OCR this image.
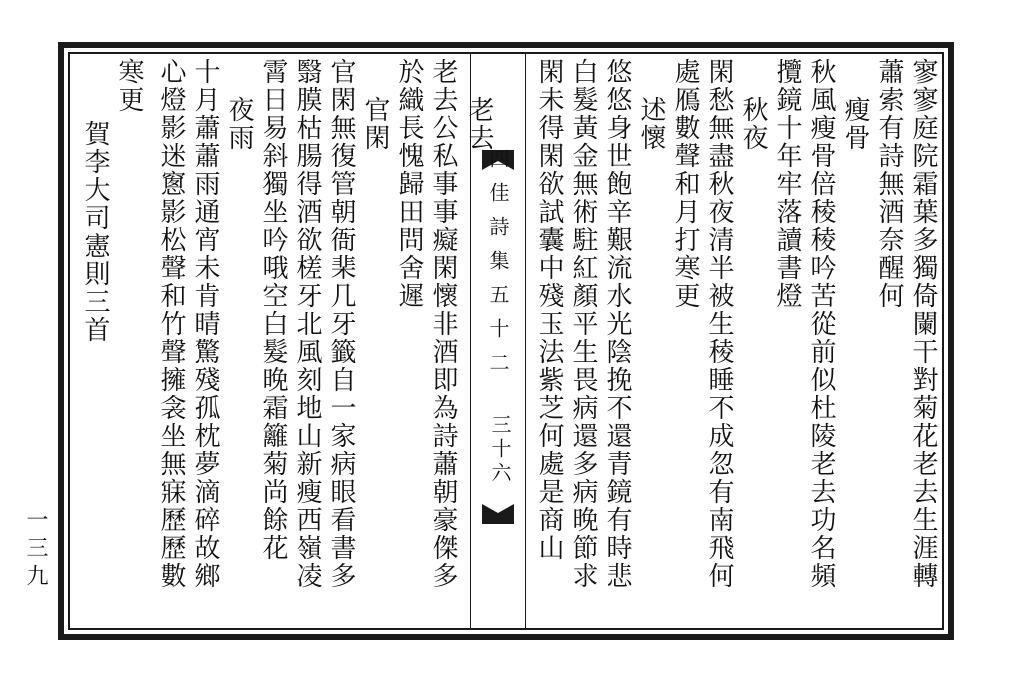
四佳詩集五十二
三十六	寥寥庭院霜葉多獨倚闌干對菊花老去生涯轉
蕭索有詩無酒奈醒何
瘦骨
秋風瘦骨倍稜稜吟苦從前似杜陵老去功名頻
攬鏡十年牢落讀書燈
秋夜
閑愁無盡秋夜清半被生稜睡不成忽有南飛何
處鴈數聲和月打寒更
述懷
悠悠身世飽辛艱流水光陰挽不還青鏡有時悲
白髮黃金無術駐紅顏平生畏病還多病晚節求
閑未得閑欲試囊中殘玉法紫芝何處是商山
老去
老去公私事事癡閑懷非酒即為詩蕭朝豪傑多
於織長愧歸田問舍遲
官閑
官閑無復管朝衙棐几牙籤自一家病眼看書多
翳膜枯腸得酒欲槎牙北風刻地山新瘦西嶺凌
霄日易斜獨坐吟哦空白髮晚霜籬菊尚餘花
夜雨
十月蕭蕭雨通宵未肯晴驚殘孤枕夢滴碎故鄉
心燈影迷窻影松聲和竹聲擁衾坐無寐歷歷數
寒更
賀李大司憲則三首
一三九
